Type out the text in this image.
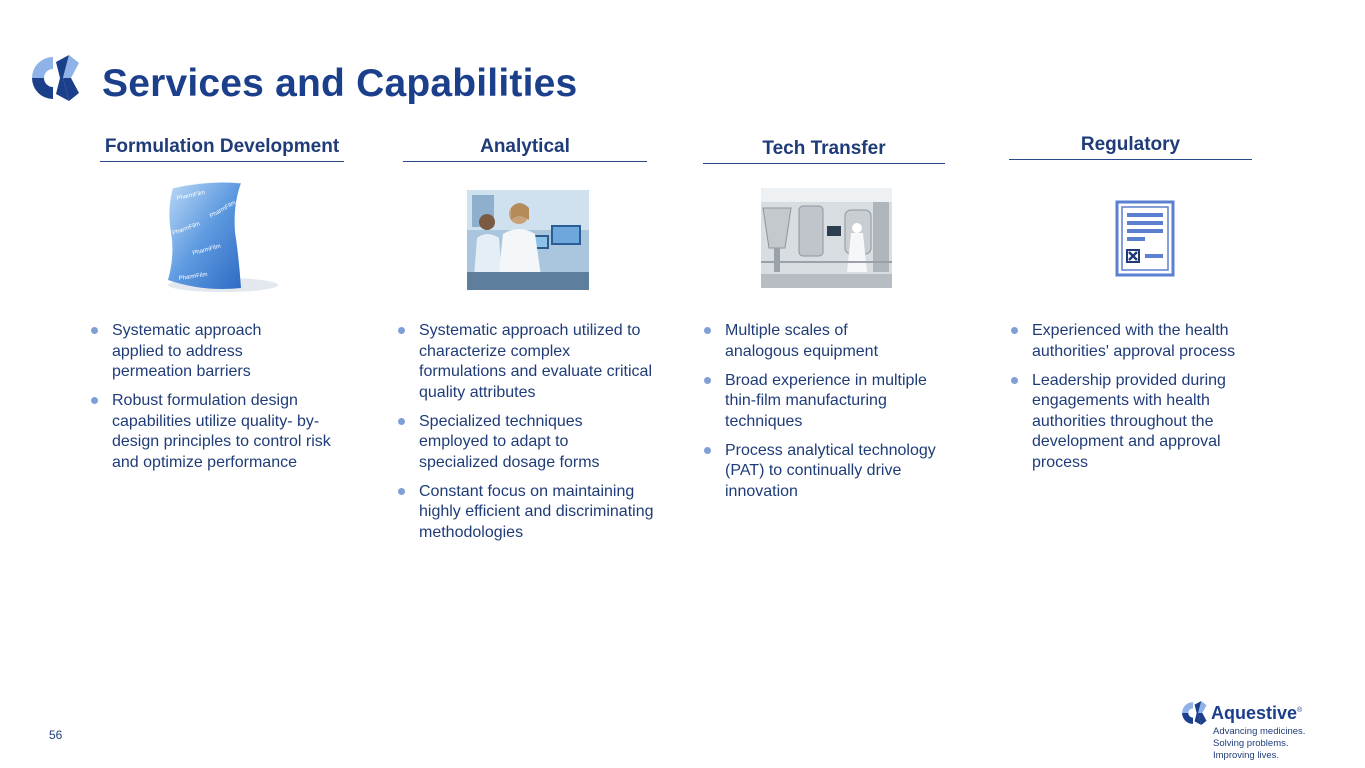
Services and Capabilities
Formulation Development
PharmFilm
PharmFilm
PharmFilm
PharmFilm
PharmFilm
Systematic approach applied to address permeation barriers
Robust formulation design capabilities utilize quality- by-design principles to control risk and optimize performance
Analytical
Systematic approach utilized to characterize complex formulations and evaluate critical quality attributes
Specialized techniques employed to adapt to specialized dosage forms
Constant focus on maintaining highly efficient and discriminating methodologies
Tech Transfer
Multiple scales of analogous equipment
Broad experience in multiple thin-film manufacturing techniques
Process analytical technology (PAT) to continually drive innovation
Regulatory
Experienced with the health authorities' approval process
Leadership provided during engagements with health authorities throughout the development and approval process
56
Aquestive®
Advancing medicines.
Solving problems.
Improving lives.
